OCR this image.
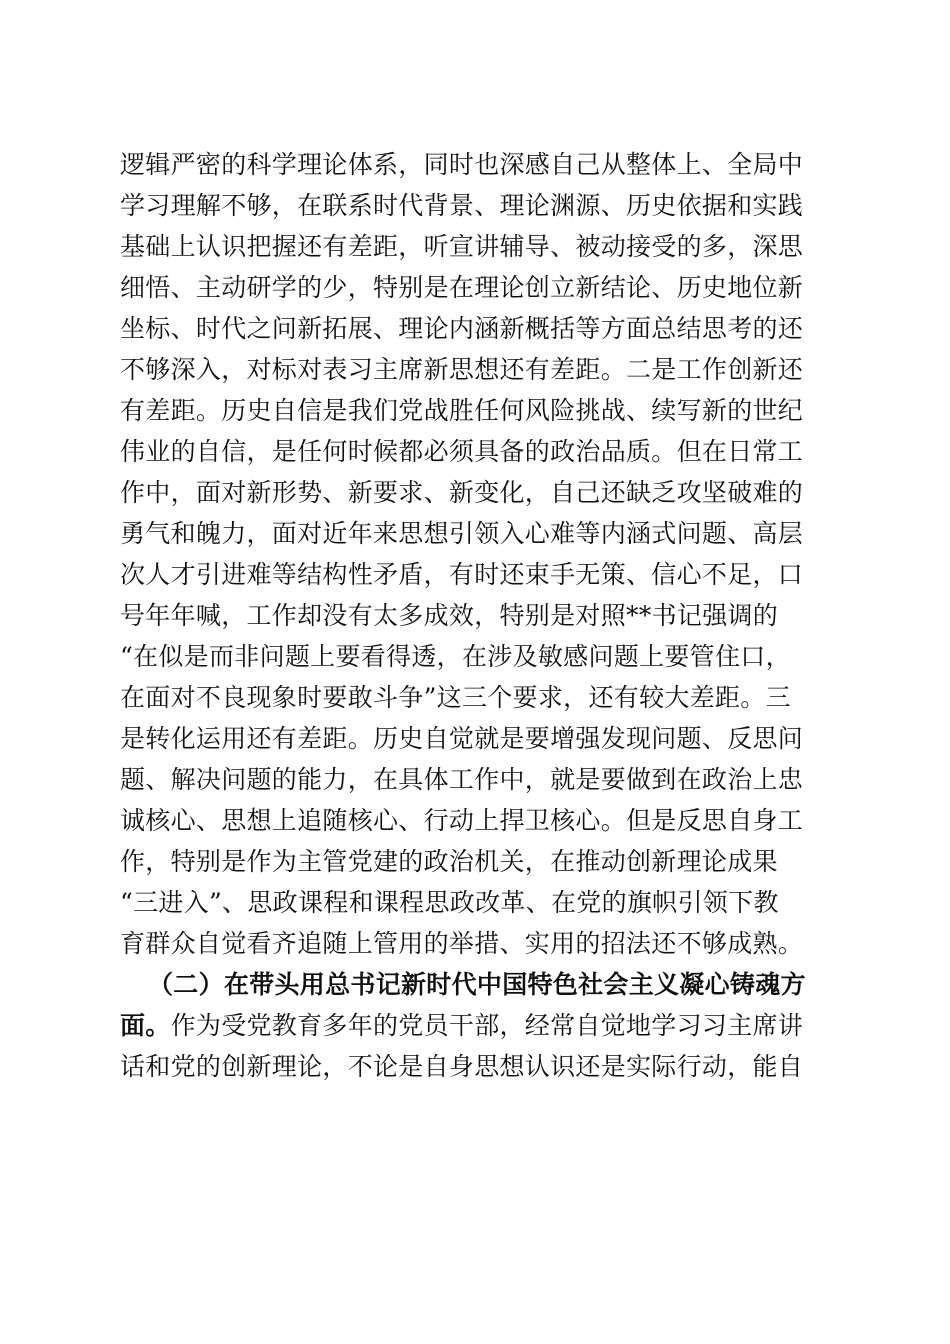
逻辑严密的科学理论体系，同时也深感自己从整体上、全局中
学习理解不够，在联系时代背景、理论渊源、历史依据和实践
基础上认识把握还有差距，听宣讲辅导、被动接受的多，深思
细悟、主动研学的少，特别是在理论创立新结论、历史地位新
坐标、时代之问新拓展、理论内涵新概括等方面总结思考的还
不够深入，对标对表习主席新思想还有差距。二是工作创新还
有差距。历史自信是我们党战胜任何风险挑战、续写新的世纪
伟业的自信，是任何时候都必须具备的政治品质。但在日常工
作中，面对新形势、新要求、新变化，自己还缺乏攻坚破难的
勇气和魄力，面对近年来思想引领入心难等内涵式问题、高层
次人才引进难等结构性矛盾，有时还束手无策、信心不足，口
号年年喊，工作却没有太多成效，特别是对照**书记强调的
“在似是而非问题上要看得透，在涉及敏感问题上要管住口，
在面对不良现象时要敢斗争”这三个要求，还有较大差距。三
是转化运用还有差距。历史自觉就是要增强发现问题、反思问
题、解决问题的能力，在具体工作中，就是要做到在政治上忠
诚核心、思想上追随核心、行动上捍卫核心。但是反思自身工
作，特别是作为主管党建的政治机关，在推动创新理论成果
“三进入”、思政课程和课程思政改革、在党的旗帜引领下教
育群众自觉看齐追随上管用的举措、实用的招法还不够成熟。
（二）在带头用总书记新时代中国特色社会主义凝心铸魂方
面。作为受党教育多年的党员干部，经常自觉地学习习主席讲
话和党的创新理论，不论是自身思想认识还是实际行动，能自
